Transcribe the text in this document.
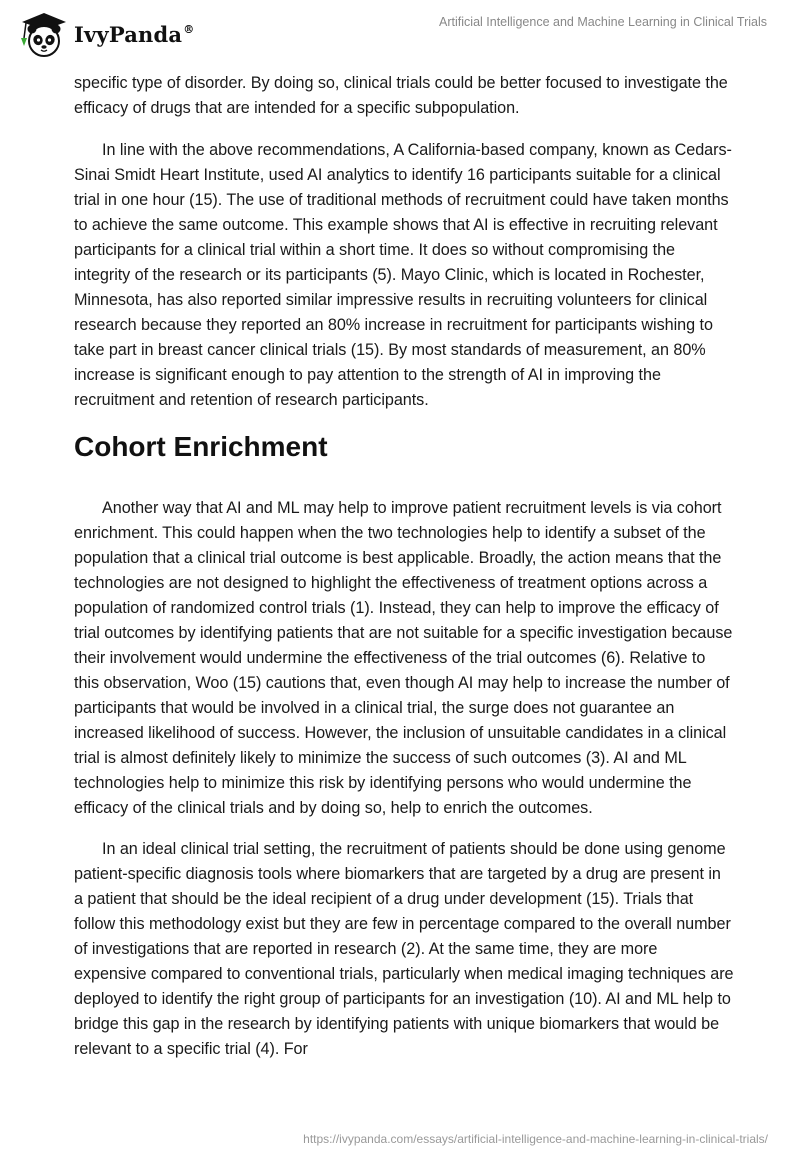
IvyPanda®	Artificial Intelligence and Machine Learning in Clinical Trials

specific type of disorder. By doing so, clinical trials could be better focused to investigate the efficacy of drugs that are intended for a specific subpopulation.

In line with the above recommendations, A California-based company, known as Cedars-Sinai Smidt Heart Institute, used AI analytics to identify 16 participants suitable for a clinical trial in one hour (15). The use of traditional methods of recruitment could have taken months to achieve the same outcome. This example shows that AI is effective in recruiting relevant participants for a clinical trial within a short time. It does so without compromising the integrity of the research or its participants (5). Mayo Clinic, which is located in Rochester, Minnesota, has also reported similar impressive results in recruiting volunteers for clinical research because they reported an 80% increase in recruitment for participants wishing to take part in breast cancer clinical trials (15). By most standards of measurement, an 80% increase is significant enough to pay attention to the strength of AI in improving the recruitment and retention of research participants.

Cohort Enrichment

Another way that AI and ML may help to improve patient recruitment levels is via cohort enrichment. This could happen when the two technologies help to identify a subset of the population that a clinical trial outcome is best applicable. Broadly, the action means that the technologies are not designed to highlight the effectiveness of treatment options across a population of randomized control trials (1). Instead, they can help to improve the efficacy of trial outcomes by identifying patients that are not suitable for a specific investigation because their involvement would undermine the effectiveness of the trial outcomes (6). Relative to this observation, Woo (15) cautions that, even though AI may help to increase the number of participants that would be involved in a clinical trial, the surge does not guarantee an increased likelihood of success. However, the inclusion of unsuitable candidates in a clinical trial is almost definitely likely to minimize the success of such outcomes (3). AI and ML technologies help to minimize this risk by identifying persons who would undermine the efficacy of the clinical trials and by doing so, help to enrich the outcomes.

In an ideal clinical trial setting, the recruitment of patients should be done using genome patient-specific diagnosis tools where biomarkers that are targeted by a drug are present in a patient that should be the ideal recipient of a drug under development (15). Trials that follow this methodology exist but they are few in percentage compared to the overall number of investigations that are reported in research (2). At the same time, they are more expensive compared to conventional trials, particularly when medical imaging techniques are deployed to identify the right group of participants for an investigation (10). AI and ML help to bridge this gap in the research by identifying patients with unique biomarkers that would be relevant to a specific trial (4). For

https://ivypanda.com/essays/artificial-intelligence-and-machine-learning-in-clinical-trials/
